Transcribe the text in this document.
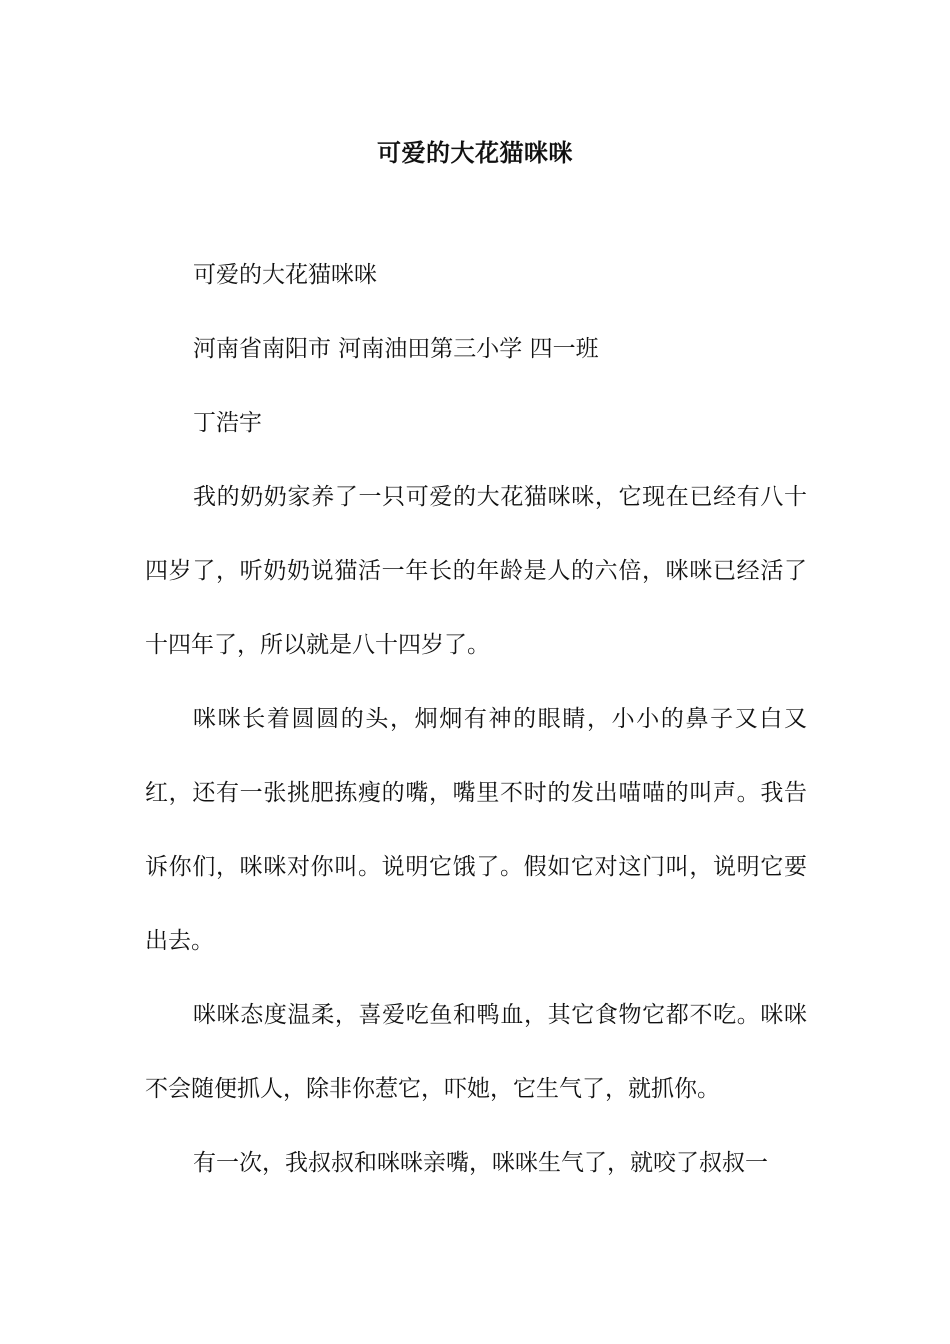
可爱的大花猫咪咪

可爱的大花猫咪咪

河南省南阳市 河南油田第三小学 四一班

丁浩宇

我的奶奶家养了一只可爱的大花猫咪咪，它现在已经有八十四岁了，听奶奶说猫活一年长的年龄是人的六倍，咪咪已经活了十四年了，所以就是八十四岁了。

咪咪长着圆圆的头，炯炯有神的眼睛，小小的鼻子又白又红，还有一张挑肥拣瘦的嘴，嘴里不时的发出喵喵的叫声。我告诉你们，咪咪对你叫。说明它饿了。假如它对这门叫，说明它要出去。

咪咪态度温柔，喜爱吃鱼和鸭血，其它食物它都不吃。咪咪不会随便抓人，除非你惹它，吓她，它生气了，就抓你。

有一次，我叔叔和咪咪亲嘴，咪咪生气了，就咬了叔叔一
